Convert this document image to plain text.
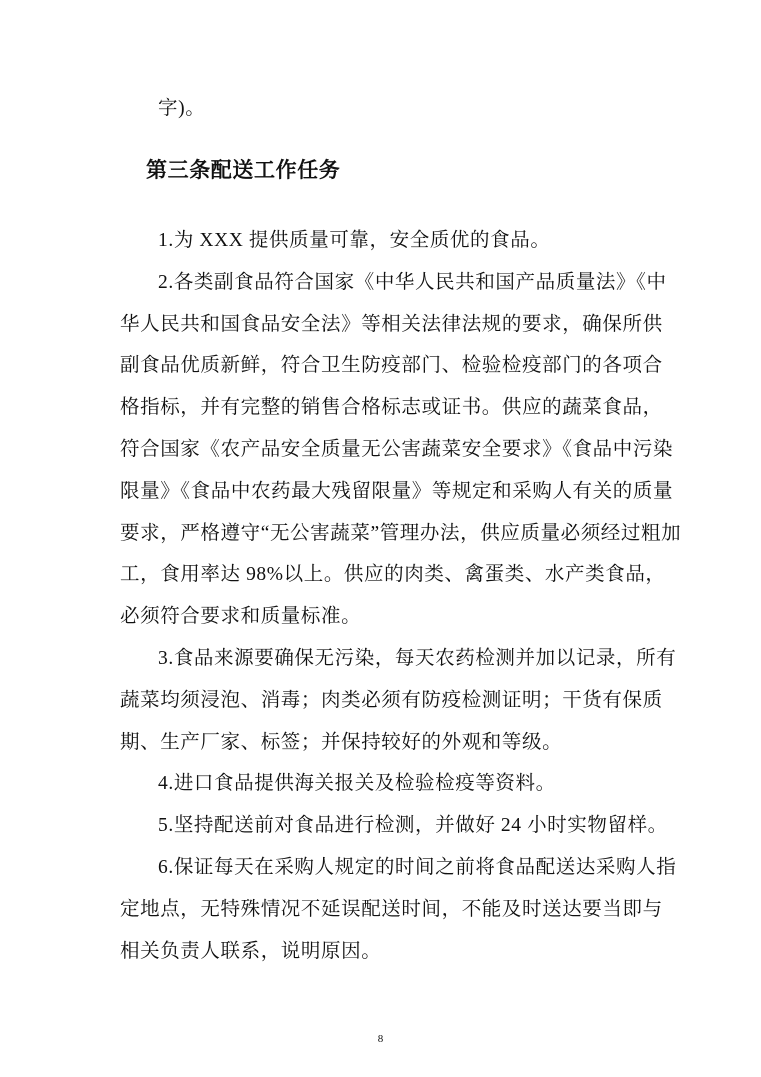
字)。
第三条配送工作任务
1.为 XXX 提供质量可靠，安全质优的食品。
2.各类副食品符合国家《中华人民共和国产品质量法》《中
华人民共和国食品安全法》等相关法律法规的要求，确保所供
副食品优质新鲜，符合卫生防疫部门、检验检疫部门的各项合
格指标，并有完整的销售合格标志或证书。供应的蔬菜食品，
符合国家《农产品安全质量无公害蔬菜安全要求》《食品中污染
限量》《食品中农药最大残留限量》等规定和采购人有关的质量
要求，严格遵守“无公害蔬菜”管理办法，供应质量必须经过粗加
工，食用率达 98%以上。供应的肉类、禽蛋类、水产类食品，
必须符合要求和质量标准。
3.食品来源要确保无污染，每天农药检测并加以记录，所有
蔬菜均须浸泡、消毒；肉类必须有防疫检测证明；干货有保质
期、生产厂家、标签；并保持较好的外观和等级。
4.进口食品提供海关报关及检验检疫等资料。
5.坚持配送前对食品进行检测，并做好 24 小时实物留样。
6.保证每天在采购人规定的时间之前将食品配送达采购人指
定地点，无特殊情况不延误配送时间，不能及时送达要当即与
相关负责人联系，说明原因。
8
